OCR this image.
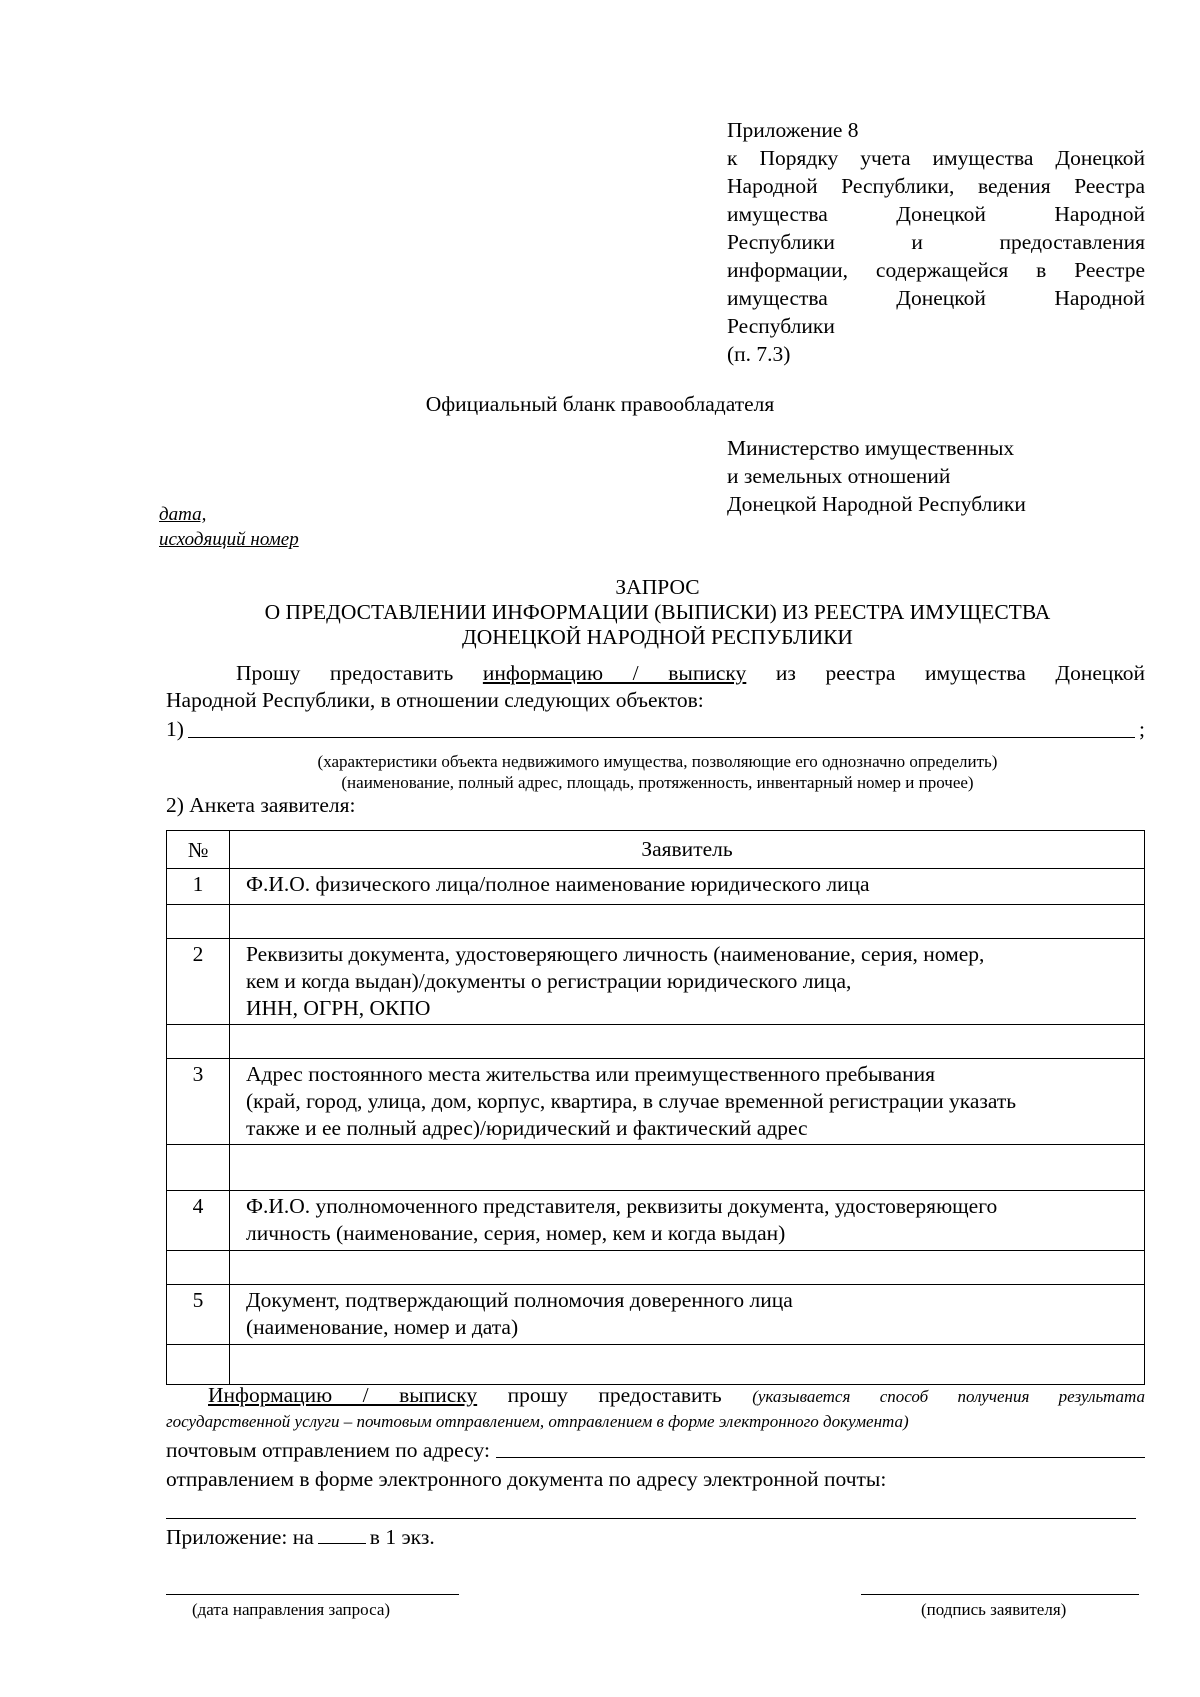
Приложение 8
к Порядку учета имущества Донецкой
Народной Республики, ведения Реестра
имущества Донецкой Народной
Республики и предоставления
информации, содержащейся в Реестре
имущества Донецкой Народной
Республики
(п. 7.3)
Официальный бланк правообладателя
Министерство имущественных
и земельных отношений
Донецкой Народной Республики
дата,
исходящий номер
ЗАПРОС
О ПРЕДОСТАВЛЕНИИ ИНФОРМАЦИИ (ВЫПИСКИ) ИЗ РЕЕСТРА ИМУЩЕСТВА
ДОНЕЦКОЙ НАРОДНОЙ РЕСПУБЛИКИ
Прошу предоставить информацию / выписку из реестра имущества Донецкой
Народной Республики, в отношении следующих объектов:
1)	;
(характеристики объекта недвижимого имущества, позволяющие его однозначно определить)
(наименование, полный адрес, площадь, протяженность, инвентарный номер и прочее)
2) Анкета заявителя:
№	Заявитель
1	Ф.И.О. физического лица/полное наименование юридического лица

2	Реквизиты документа, удостоверяющего личность (наименование, серия, номер,
кем и когда выдан)/документы о регистрации юридического лица,
ИНН, ОГРН, ОКПО

3	Адрес постоянного места жительства или преимущественного пребывания
(край, город, улица, дом, корпус, квартира, в случае временной регистрации указать
также и ее полный адрес)/юридический и фактический адрес

4	Ф.И.О. уполномоченного представителя, реквизиты документа, удостоверяющего
личность (наименование, серия, номер, кем и когда выдан)

5	Документ, подтверждающий полномочия доверенного лица
(наименование, номер и дата)

Информацию / выписку прошу предоставить (указывается способ получения результата
государственной услуги – почтовым отправлением, отправлением в форме электронного документа)
почтовым отправлением по адресу:
отправлением в форме электронного документа по адресу электронной почты:
Приложение: на	в 1 экз.
(дата направления запроса)	(подпись заявителя)
